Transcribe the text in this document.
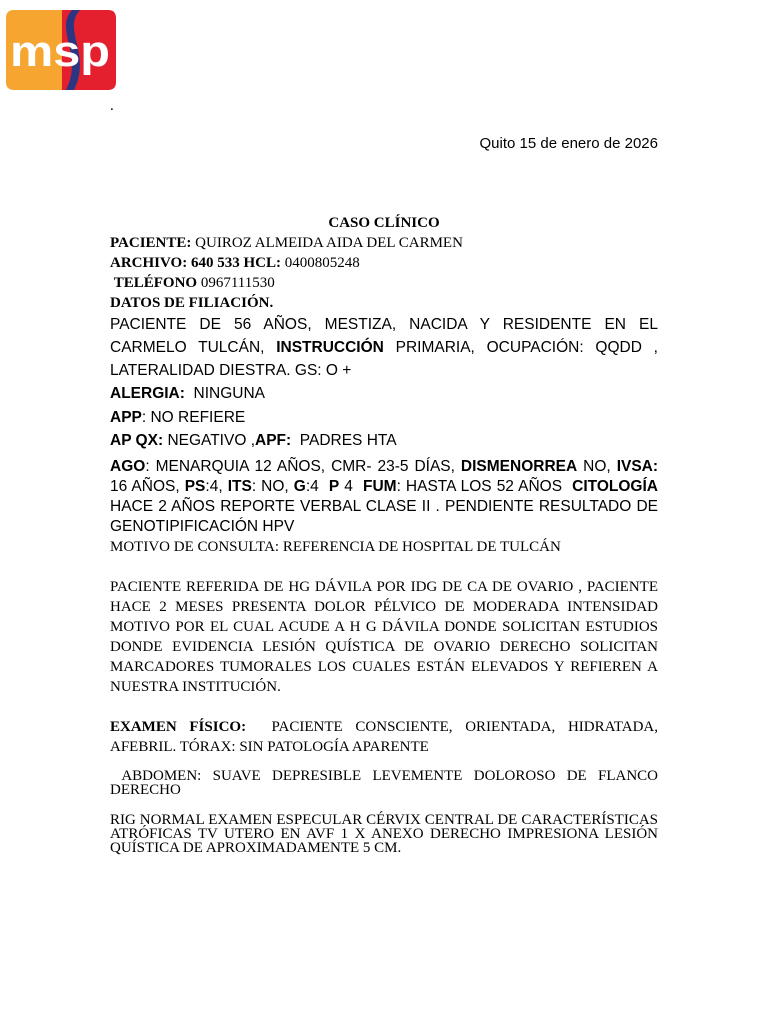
msp
.
Quito 15 de enero de 2026

CASO CLÍNICO

PACIENTE: QUIROZ ALMEIDA AIDA DEL CARMEN

ARCHIVO: 640 533 HCL: 0400805248

TELÉFONO 0967111530

DATOS DE FILIACIÓN.

PACIENTE DE 56 AÑOS, MESTIZA, NACIDA Y RESIDENTE EN EL CARMELO TULCÁN, INSTRUCCIÓN PRIMARIA, OCUPACIÓN: QQDD , LATERALIDAD DIESTRA. GS: O +

ALERGIA: NINGUNA

APP: NO REFIERE

AP QX: NEGATIVO ,APF: PADRES HTA

AGO: MENARQUIA 12 AÑOS, CMR- 23-5 DÍAS, DISMENORREA NO, IVSA: 16 AÑOS, PS:4, ITS: NO, G:4 P 4 FUM: HASTA LOS 52 AÑOS CITOLOGÍA HACE 2 AÑOS REPORTE VERBAL CLASE II . PENDIENTE RESULTADO DE GENOTIPIFICACIÓN HPV

MOTIVO DE CONSULTA: REFERENCIA DE HOSPITAL DE TULCÁN

PACIENTE REFERIDA DE HG DÁVILA POR IDG DE CA DE OVARIO , PACIENTE HACE 2 MESES PRESENTA DOLOR PÉLVICO DE MODERADA INTENSIDAD MOTIVO POR EL CUAL ACUDE A H G DÁVILA DONDE SOLICITAN ESTUDIOS DONDE EVIDENCIA LESIÓN QUÍSTICA DE OVARIO DERECHO SOLICITAN MARCADORES TUMORALES LOS CUALES ESTÁN ELEVADOS Y REFIEREN A NUESTRA INSTITUCIÓN.

EXAMEN FÍSICO: PACIENTE CONSCIENTE, ORIENTADA, HIDRATADA, AFEBRIL. TÓRAX: SIN PATOLOGÍA APARENTE

ABDOMEN: SUAVE DEPRESIBLE LEVEMENTE DOLOROSO DE FLANCO DERECHO

RIG NORMAL EXAMEN ESPECULAR CÉRVIX CENTRAL DE CARACTERÍSTICAS ATRÓFICAS TV UTERO EN AVF 1 X ANEXO DERECHO IMPRESIONA LESIÓN QUÍSTICA DE APROXIMADAMENTE 5 CM.
